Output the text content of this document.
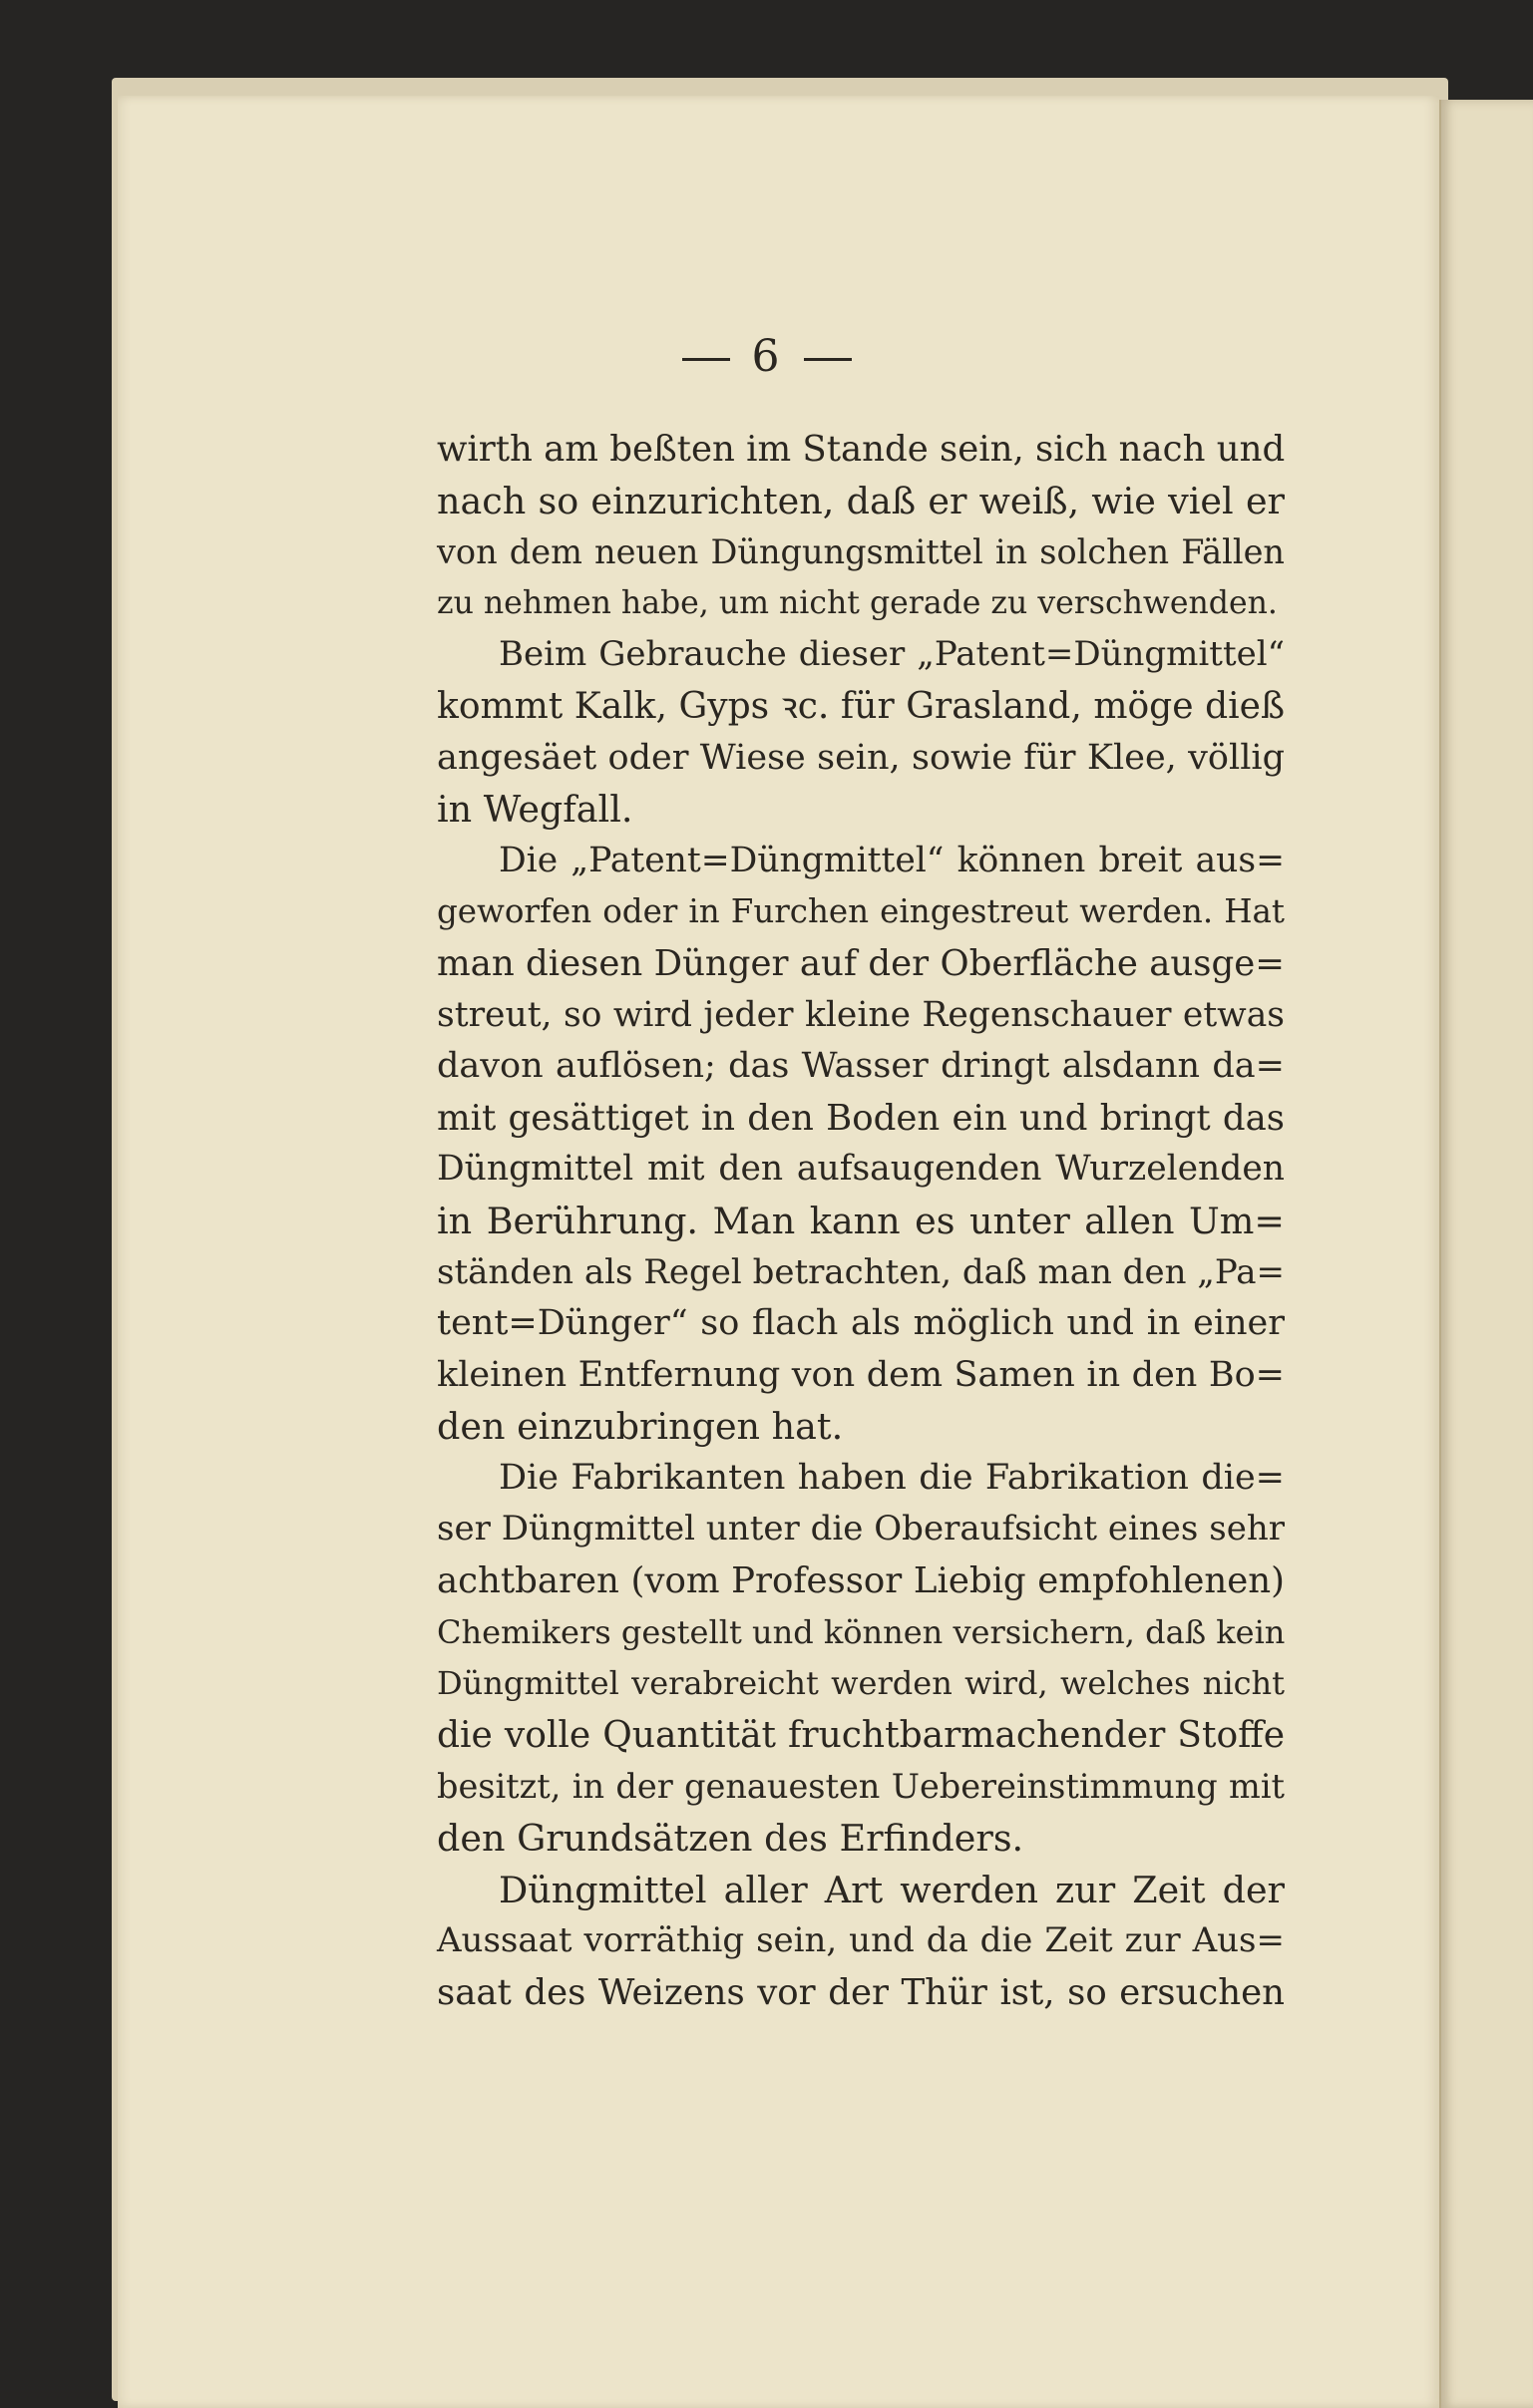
6

wirth am beßten im Stande sein, sich nach und
nach so einzurichten, daß er weiß, wie viel er
von dem neuen Düngungsmittel in solchen Fällen
zu nehmen habe, um nicht gerade zu verschwenden.

Beim Gebrauche dieser „Patent=Düngmittel“
kommt Kalk, Gyps ꝛc. für Grasland, möge dieß
angesäet oder Wiese sein, sowie für Klee, völlig
in Wegfall.

Die „Patent=Düngmittel“ können breit aus=
geworfen oder in Furchen eingestreut werden. Hat
man diesen Dünger auf der Oberfläche ausge=
streut, so wird jeder kleine Regenschauer etwas
davon auflösen; das Wasser dringt alsdann da=
mit gesättiget in den Boden ein und bringt das
Düngmittel mit den aufsaugenden Wurzelenden
in Berührung. Man kann es unter allen Um=
ständen als Regel betrachten, daß man den „Pa=
tent=Dünger“ so flach als möglich und in einer
kleinen Entfernung von dem Samen in den Bo=
den einzubringen hat.

Die Fabrikanten haben die Fabrikation die=
ser Düngmittel unter die Oberaufsicht eines sehr
achtbaren (vom Professor Liebig empfohlenen)
Chemikers gestellt und können versichern, daß kein
Düngmittel verabreicht werden wird, welches nicht
die volle Quantität fruchtbarmachender Stoffe
besitzt, in der genauesten Uebereinstimmung mit
den Grundsätzen des Erfinders.

Düngmittel aller Art werden zur Zeit der
Aussaat vorräthig sein, und da die Zeit zur Aus=
saat des Weizens vor der Thür ist, so ersuchen
